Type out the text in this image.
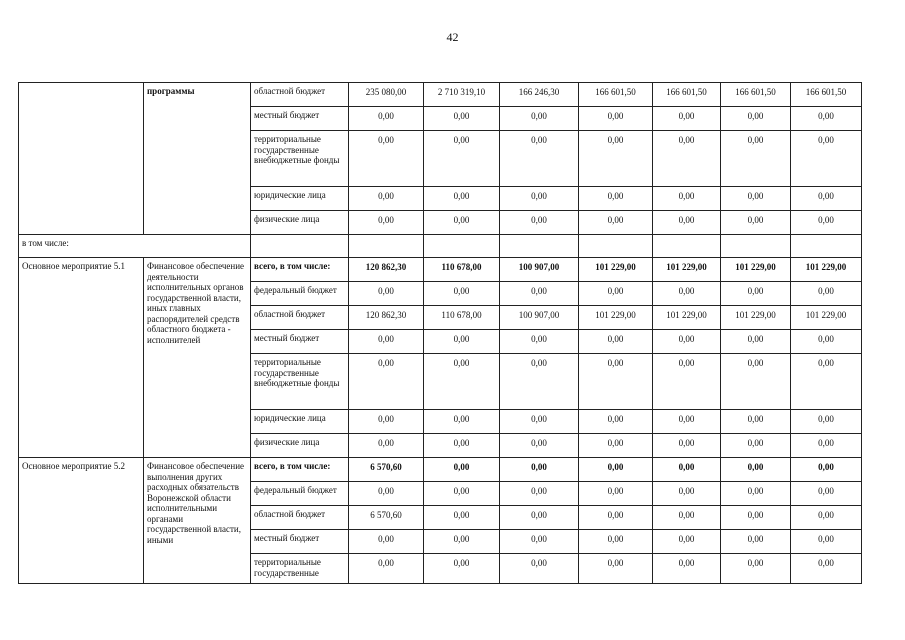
42
	программы	областной бюджет	235 080,00	2 710 319,10	166 246,30	166 601,50	166 601,50	166 601,50	166 601,50
		местный бюджет	0,00	0,00	0,00	0,00	0,00	0,00	0,00
		территориальные государственные внебюджетные фонды	0,00	0,00	0,00	0,00	0,00	0,00	0,00
		юридические лица	0,00	0,00	0,00	0,00	0,00	0,00	0,00
		физические лица	0,00	0,00	0,00	0,00	0,00	0,00	0,00
в том числе:									
Основное мероприятие 5.1	Финансовое обеспечение деятельности исполнительных органов государственной власти, иных главных распорядителей средств областного бюджета - исполнителей	всего, в том числе:	120 862,30	110 678,00	100 907,00	101 229,00	101 229,00	101 229,00	101 229,00
		федеральный бюджет	0,00	0,00	0,00	0,00	0,00	0,00	0,00
		областной бюджет	120 862,30	110 678,00	100 907,00	101 229,00	101 229,00	101 229,00	101 229,00
		местный бюджет	0,00	0,00	0,00	0,00	0,00	0,00	0,00
		территориальные государственные внебюджетные фонды	0,00	0,00	0,00	0,00	0,00	0,00	0,00
		юридические лица	0,00	0,00	0,00	0,00	0,00	0,00	0,00
		физические лица	0,00	0,00	0,00	0,00	0,00	0,00	0,00
Основное мероприятие 5.2	Финансовое обеспечение выполнения других расходных обязательств Воронежской области исполнительными органами государственной власти, иными	всего, в том числе:	6 570,60	0,00	0,00	0,00	0,00	0,00	0,00
		федеральный бюджет	0,00	0,00	0,00	0,00	0,00	0,00	0,00
		областной бюджет	6 570,60	0,00	0,00	0,00	0,00	0,00	0,00
		местный бюджет	0,00	0,00	0,00	0,00	0,00	0,00	0,00
		территориальные государственные	0,00	0,00	0,00	0,00	0,00	0,00	0,00
